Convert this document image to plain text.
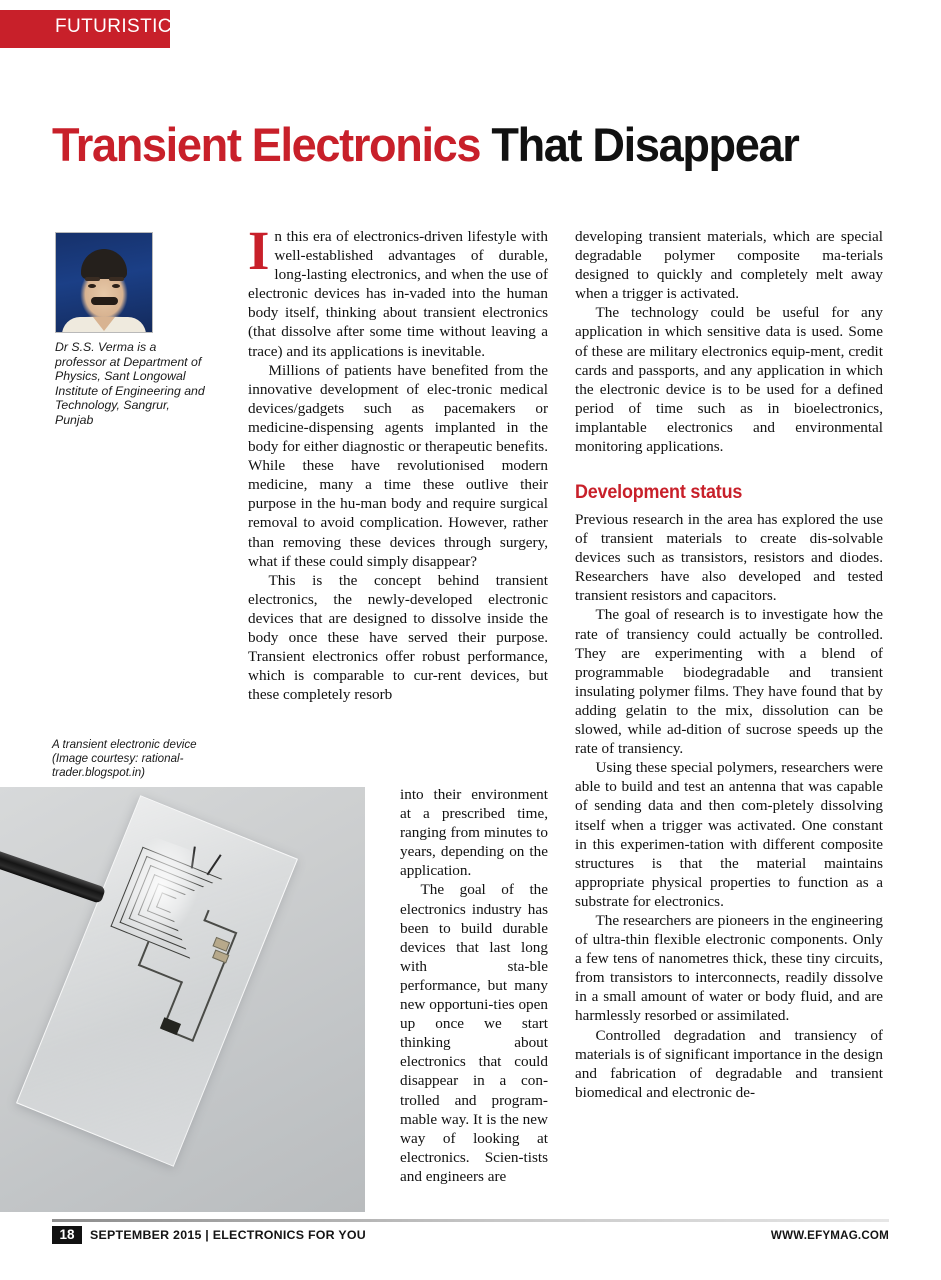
FUTURISTIC
Transient Electronics That Disappear
Dr S.S. Verma is a professor at Department of Physics, Sant Longowal Institute of Engineering and Technology, Sangrur, Punjab
A transient electronic device (Image courtesy: rational-trader.blogspot.in)

In this era of electronics-driven lifestyle with well-established advantages of durable, long-lasting electronics, and when the use of electronic devices has in-vaded into the human body itself, thinking about transient electronics (that dissolve after some time without leaving a trace) and its applications is inevitable.

Millions of patients have benefited from the innovative development of elec-tronic medical devices/gadgets such as pacemakers or medicine-dispensing agents implanted in the body for either diagnostic or therapeutic benefits. While these have revolutionised modern medicine, many a time these outlive their purpose in the hu-man body and require surgical removal to avoid complication. However, rather than removing these devices through surgery, what if these could simply disappear?

This is the concept behind transient electronics, the newly-developed electronic devices that are designed to dissolve inside the body once these have served their purpose. Transient electronics offer robust performance, which is comparable to cur-rent devices, but these completely resorb

into their environment at a prescribed time, ranging from minutes to years, depending on the application.

The goal of the electronics industry has been to build durable devices that last long with sta-ble performance, but many new opportuni-ties open up once we start thinking about electronics that could disappear in a con-trolled and program-mable way. It is the new way of looking at electronics. Scien-tists and engineers are

developing transient materials, which are special degradable polymer composite ma-terials designed to quickly and completely melt away when a trigger is activated.

The technology could be useful for any application in which sensitive data is used. Some of these are military electronics equip-ment, credit cards and passports, and any application in which the electronic device is to be used for a defined period of time such as in bioelectronics, implantable electronics and environmental monitoring applications.

Development status

Previous research in the area has explored the use of transient materials to create dis-solvable devices such as transistors, resistors and diodes. Researchers have also developed and tested transient resistors and capacitors.

The goal of research is to investigate how the rate of transiency could actually be controlled. They are experimenting with a blend of programmable biodegradable and transient insulating polymer films. They have found that by adding gelatin to the mix, dissolution can be slowed, while ad-dition of sucrose speeds up the rate of transiency.

Using these special polymers, researchers were able to build and test an antenna that was capable of sending data and then com-pletely dissolving itself when a trigger was activated. One constant in this experimen-tation with different composite structures is that the material maintains appropriate physical properties to function as a substrate for electronics.

The researchers are pioneers in the engineering of ultra-thin flexible electronic components. Only a few tens of nanometres thick, these tiny circuits, from transistors to interconnects, readily dissolve in a small amount of water or body fluid, and are harmlessly resorbed or assimilated.

Controlled degradation and transiency of materials is of significant importance in the design and fabrication of degradable and transient biomedical and electronic de-

18	SEPTEMBER 2015 | ELECTRONICS FOR YOU	WWW.EFYMAG.COM
